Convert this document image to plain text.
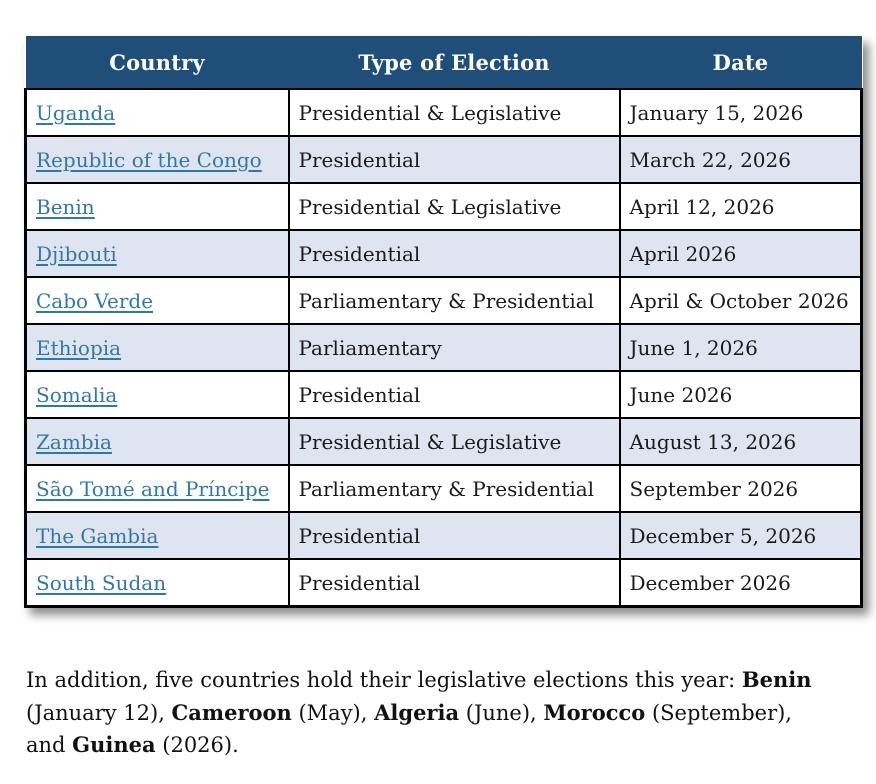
Country	Type of Election	Date
Uganda	Presidential & Legislative	January 15, 2026
Republic of the Congo	Presidential	March 22, 2026
Benin	Presidential & Legislative	April 12, 2026
Djibouti	Presidential	April 2026
Cabo Verde	Parliamentary & Presidential	April & October 2026
Ethiopia	Parliamentary	June 1, 2026
Somalia	Presidential	June 2026
Zambia	Presidential & Legislative	August 13, 2026
São Tomé and Príncipe	Parliamentary & Presidential	September 2026
The Gambia	Presidential	December 5, 2026
South Sudan	Presidential	December 2026

In addition, five countries hold their legislative elections this year: Benin (January 12), Cameroon (May), Algeria (June), Morocco (September), and Guinea (2026).
